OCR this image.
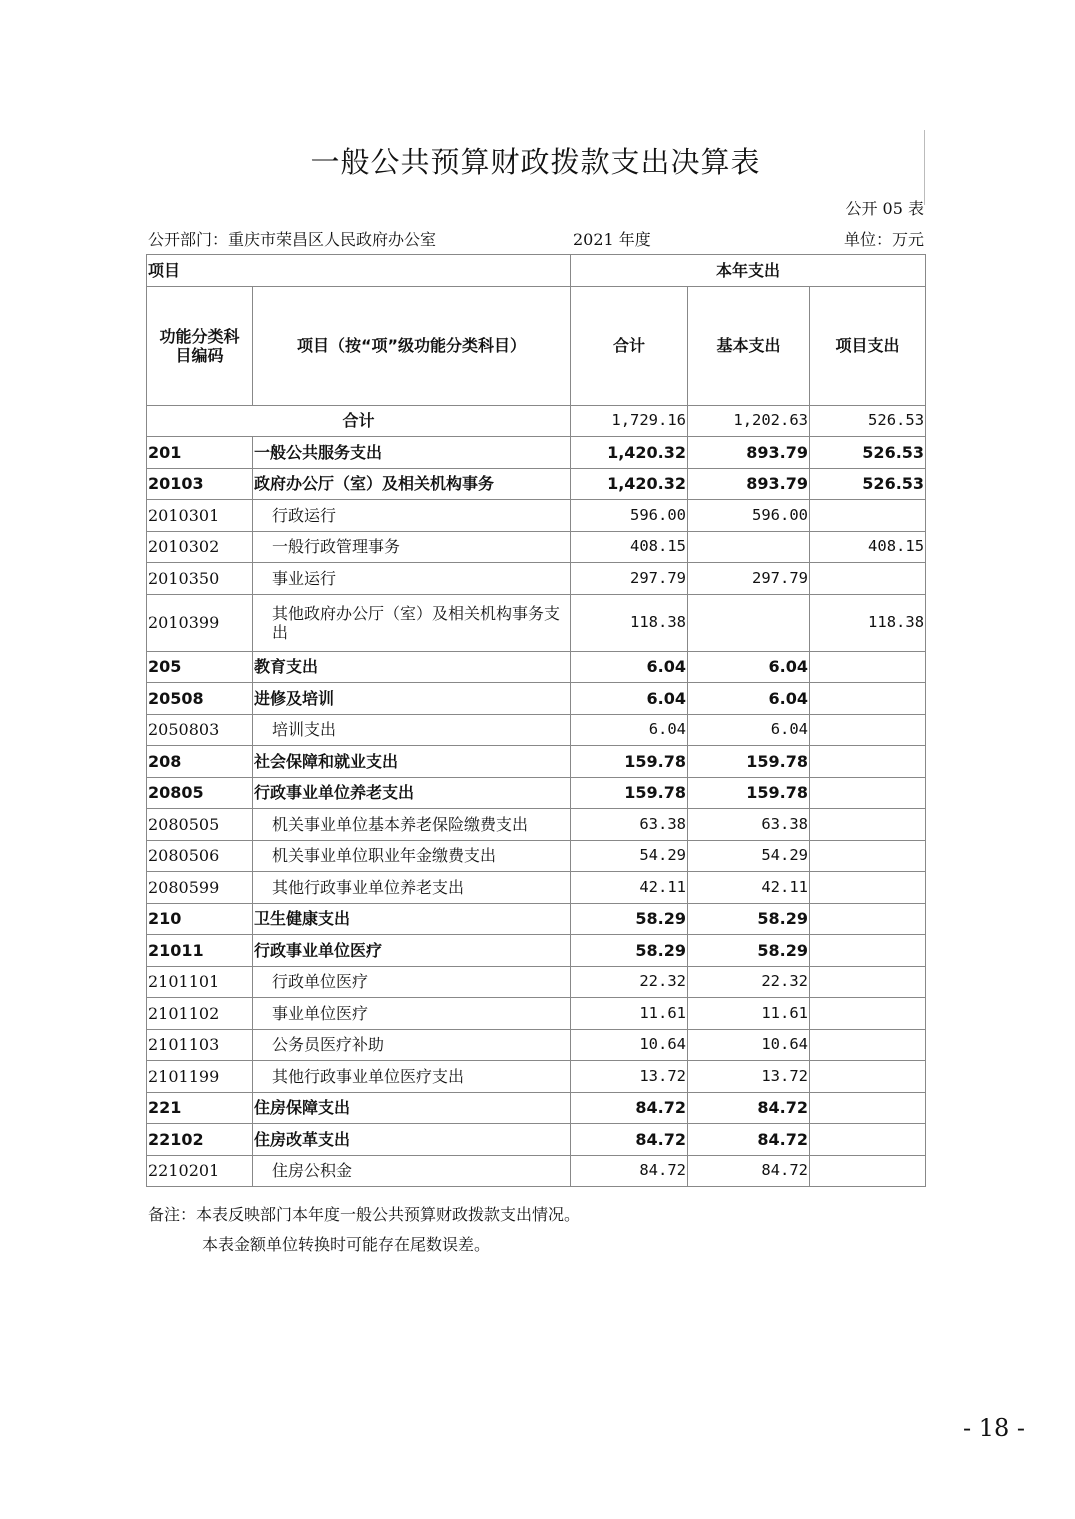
一般公共预算财政拨款支出决算表
公开 05 表
公开部门：重庆市荣昌区人民政府办公室	2021 年度	单位：万元
项目		本年支出		
功能分类科目编码	项目（按“项”级功能分类科目）	合计	基本支出	项目支出
合计		1,729.16	1,202.63	526.53
201	一般公共服务支出	1,420.32	893.79	526.53
20103	政府办公厅（室）及相关机构事务	1,420.32	893.79	526.53
2010301	行政运行	596.00	596.00	
2010302	一般行政管理事务	408.15		408.15
2010350	事业运行	297.79	297.79	
2010399	其他政府办公厅（室）及相关机构事务支出	118.38		118.38
205	教育支出	6.04	6.04	
20508	进修及培训	6.04	6.04	
2050803	培训支出	6.04	6.04	
208	社会保障和就业支出	159.78	159.78	
20805	行政事业单位养老支出	159.78	159.78	
2080505	机关事业单位基本养老保险缴费支出	63.38	63.38	
2080506	机关事业单位职业年金缴费支出	54.29	54.29	
2080599	其他行政事业单位养老支出	42.11	42.11	
210	卫生健康支出	58.29	58.29	
21011	行政事业单位医疗	58.29	58.29	
2101101	行政单位医疗	22.32	22.32	
2101102	事业单位医疗	11.61	11.61	
2101103	公务员医疗补助	10.64	10.64	
2101199	其他行政事业单位医疗支出	13.72	13.72	
221	住房保障支出	84.72	84.72	
22102	住房改革支出	84.72	84.72	
2210201	住房公积金	84.72	84.72	
备注：本表反映部门本年度一般公共预算财政拨款支出情况。
本表金额单位转换时可能存在尾数误差。
- 18 -
